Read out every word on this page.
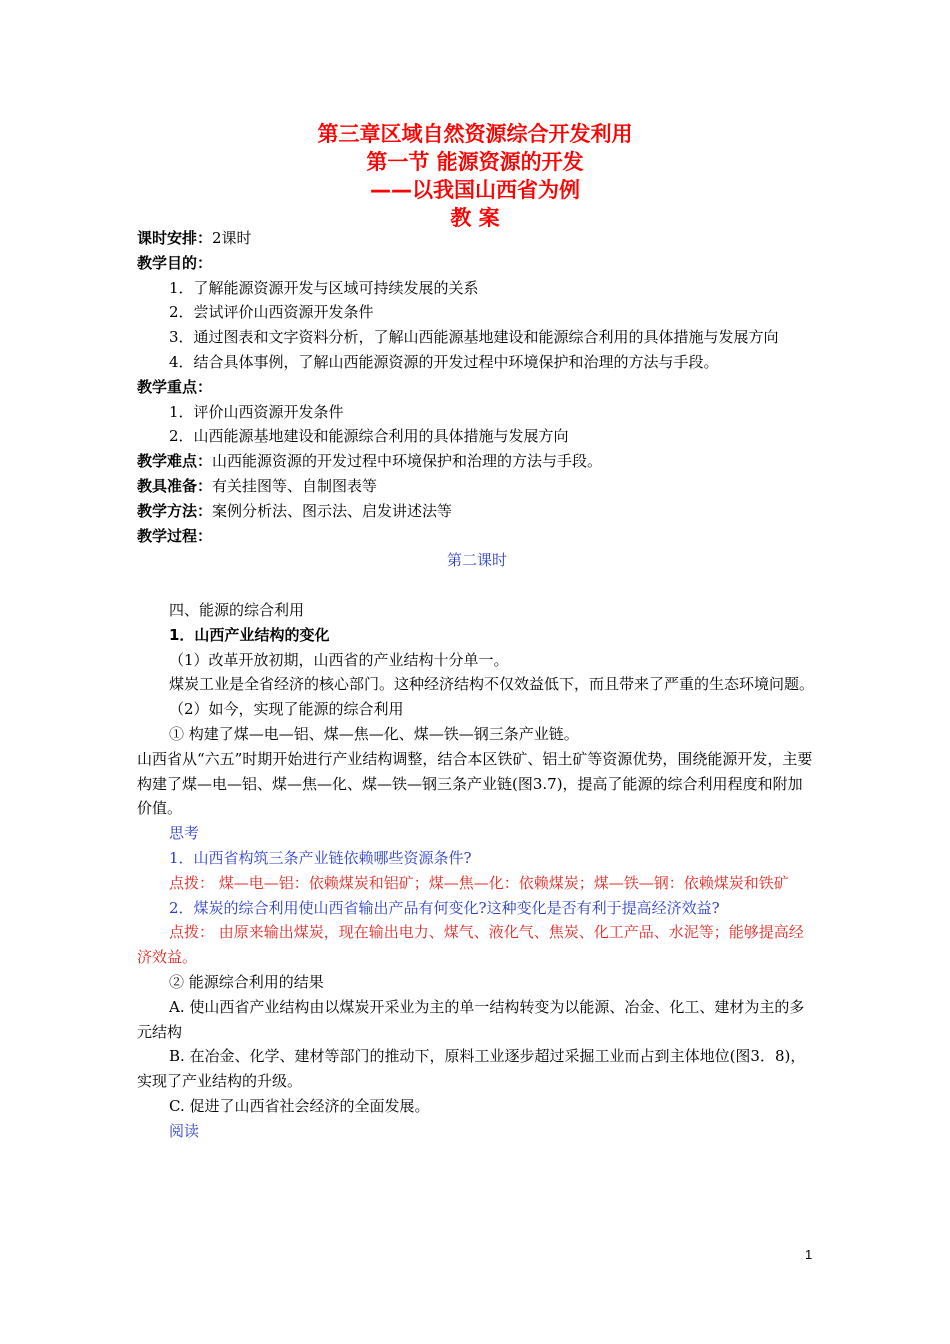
第三章区域自然资源综合开发利用
第一节 能源资源的开发
——以我国山西省为例
教 案
课时安排：2课时
教学目的：
1．了解能源资源开发与区域可持续发展的关系
2．尝试评价山西资源开发条件
3．通过图表和文字资料分析，了解山西能源基地建设和能源综合利用的具体措施与发展方向
4．结合具体事例，了解山西能源资源的开发过程中环境保护和治理的方法与手段。
教学重点：
1．评价山西资源开发条件
2．山西能源基地建设和能源综合利用的具体措施与发展方向
教学难点：山西能源资源的开发过程中环境保护和治理的方法与手段。
教具准备：有关挂图等、自制图表等
教学方法：案例分析法、图示法、启发讲述法等
教学过程：
第二课时
四、能源的综合利用
1．山西产业结构的变化
（1）改革开放初期，山西省的产业结构十分单一。
煤炭工业是全省经济的核心部门。这种经济结构不仅效益低下，而且带来了严重的生态环境问题。
（2）如今，实现了能源的综合利用
① 构建了煤—电—铝、煤—焦—化、煤—铁—钢三条产业链。
山西省从“六五”时期开始进行产业结构调整，结合本区铁矿、铝土矿等资源优势，围绕能源开发，主要构建了煤—电—铝、煤—焦—化、煤—铁—钢三条产业链(图3.7)，提高了能源的综合利用程度和附加价值。
思考
1．山西省构筑三条产业链依赖哪些资源条件?
点拨： 煤—电—铝：依赖煤炭和铝矿；煤—焦—化：依赖煤炭；煤—铁—钢：依赖煤炭和铁矿
2．煤炭的综合利用使山西省输出产品有何变化?这种变化是否有利于提高经济效益?
点拨： 由原来输出煤炭，现在输出电力、煤气、液化气、焦炭、化工产品、水泥等；能够提高经济效益。
② 能源综合利用的结果
A. 使山西省产业结构由以煤炭开采业为主的单一结构转变为以能源、冶金、化工、建材为主的多元结构
B. 在冶金、化学、建材等部门的推动下，原料工业逐步超过采掘工业而占到主体地位(图3．8)，实现了产业结构的升级。
C. 促进了山西省社会经济的全面发展。
阅读
1
